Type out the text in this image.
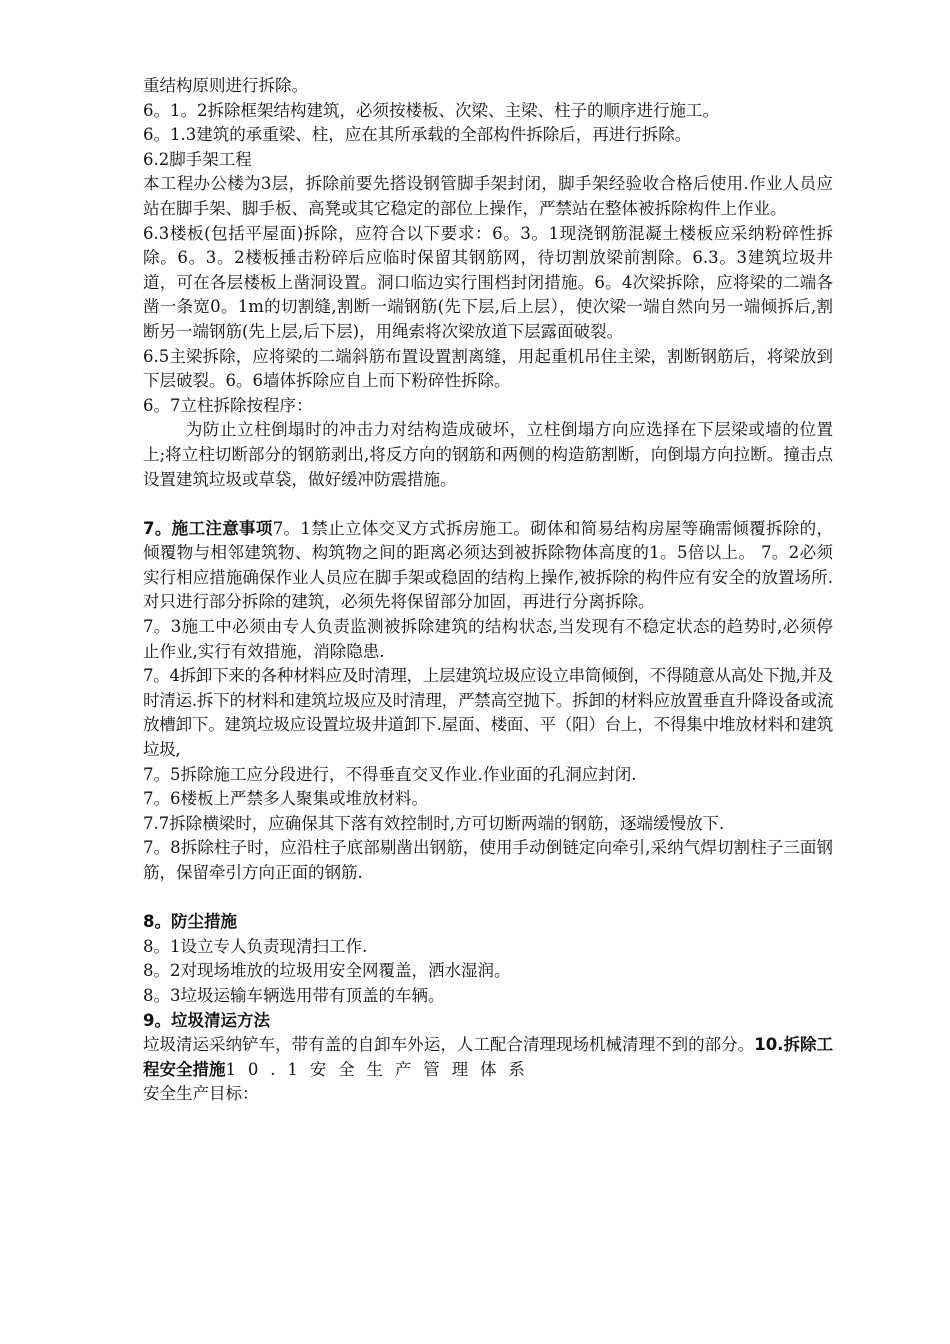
重结构原则进行拆除。

6。1。2拆除框架结构建筑，必须按楼板、次梁、主梁、柱子的顺序进行施工。

6。1.3建筑的承重梁、柱，应在其所承载的全部构件拆除后，再进行拆除。

6.2脚手架工程

本工程办公楼为3层，拆除前要先搭设钢管脚手架封闭，脚手架经验收合格后使用.作业人员应站在脚手架、脚手板、高凳或其它稳定的部位上操作，严禁站在整体被拆除构件上作业。

6.3楼板(包括平屋面)拆除，应符合以下要求：6。3。1现浇钢筋混凝土楼板应采纳粉碎性拆除。6。3。2楼板捶击粉碎后应临时保留其钢筋网，待切割放梁前割除。6.3。3建筑垃圾井道，可在各层楼板上凿洞设置。洞口临边实行围档封闭措施。6。4次梁拆除，应将梁的二端各凿一条宽0。1m的切割缝,割断一端钢筋(先下层,后上层），使次梁一端自然向另一端倾拆后,割断另一端钢筋(先上层,后下层)，用绳索将次梁放道下层露面破裂。

6.5主梁拆除，应将梁的二端斜筋布置设置割离缝，用起重机吊住主梁，割断钢筋后，将梁放到下层破裂。6。6墙体拆除应自上而下粉碎性拆除。

6。7立柱拆除按程序：

为防止立柱倒塌时的冲击力对结构造成破坏，立柱倒塌方向应选择在下层梁或墙的位置上;将立柱切断部分的钢筋剥出,将反方向的钢筋和两侧的构造筋割断，向倒塌方向拉断。撞击点设置建筑垃圾或草袋，做好缓冲防震措施。

7。施工注意事项7。1禁止立体交叉方式拆房施工。砌体和简易结构房屋等确需倾覆拆除的，倾覆物与相邻建筑物、构筑物之间的距离必须达到被拆除物体高度的1。5倍以上。 7。2必须实行相应措施确保作业人员应在脚手架或稳固的结构上操作,被拆除的构件应有安全的放置场所.对只进行部分拆除的建筑，必须先将保留部分加固，再进行分离拆除。

7。3施工中必须由专人负责监测被拆除建筑的结构状态,当发现有不稳定状态的趋势时,必须停止作业,实行有效措施，消除隐患.

7。4拆卸下来的各种材料应及时清理，上层建筑垃圾应设立串筒倾倒，不得随意从高处下抛,并及时清运.拆下的材料和建筑垃圾应及时清理，严禁高空抛下。拆卸的材料应放置垂直升降设备或流放槽卸下。建筑垃圾应设置垃圾井道卸下.屋面、楼面、平（阳）台上，不得集中堆放材料和建筑垃圾,

7。5拆除施工应分段进行，不得垂直交叉作业.作业面的孔洞应封闭.

7。6楼板上严禁多人聚集或堆放材料。

7.7拆除横梁时，应确保其下落有效控制时,方可切断两端的钢筋，逐端缓慢放下.

7。8拆除柱子时，应沿柱子底部剔凿出钢筋，使用手动倒链定向牵引,采纳气焊切割柱子三面钢筋，保留牵引方向正面的钢筋.

8。防尘措施

8。1设立专人负责现清扫工作.

8。2对现场堆放的垃圾用安全网覆盖，洒水湿润。

8。3垃圾运输车辆选用带有顶盖的车辆。

9。垃圾清运方法

垃圾清运采纳铲车，带有盖的自卸车外运，人工配合清理现场机械清理不到的部分。10.拆除工程安全措施10.1安全生产管理体系

安全生产目标：
